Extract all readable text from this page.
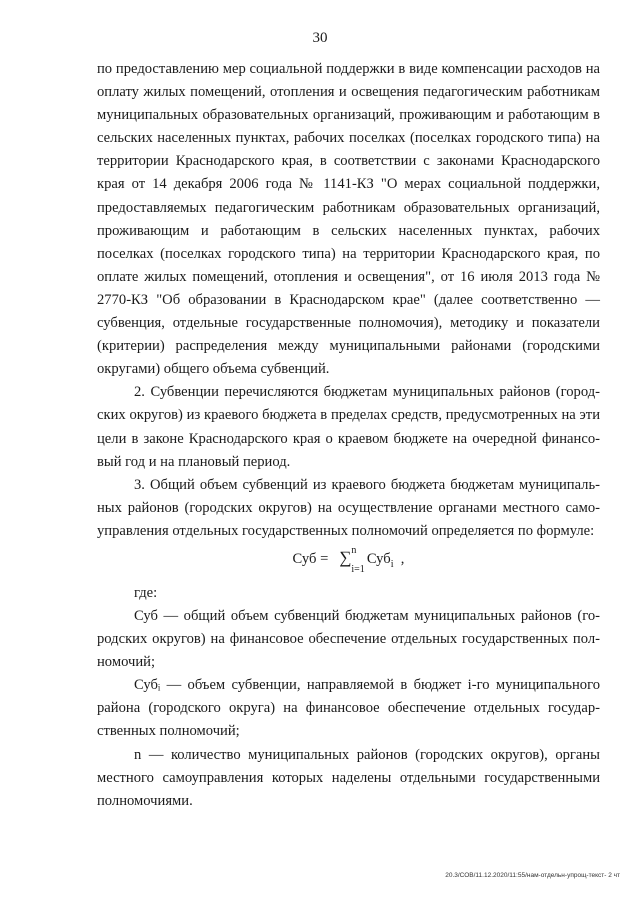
30

по предоставлению мер социальной поддержки в виде компенсации расходов на оплату жилых помещений, отопления и освещения педагогическим работникам муниципальных образовательных организаций, проживающим и работающим в сельских населенных пунктах, рабочих поселках (поселках городского типа) на территории Краснодарского края, в соответствии с законами Краснодарского края от 14 декабря 2006 года № 1141-КЗ "О мерах социальной поддержки, предоставляемых педагогическим работникам образовательных организаций, проживающим и работающим в сельских населенных пунктах, рабочих поселках (поселках городского типа) на территории Краснодарского края, по оплате жилых помещений, отопления и освещения", от 16 июля 2013 года № 2770-КЗ "Об образовании в Краснодарском крае" (далее соответственно — субвенция, отдельные государственные полномочия), методику и показатели (критерии) распределения между муниципальными районами (городскими округами) общего объема субвенций.

2. Субвенции перечисляются бюджетам муниципальных районов (городских округов) из краевого бюджета в пределах средств, предусмотренных на эти цели в законе Краснодарского края о краевом бюджете на очередной финансовый год и на плановый период.

3. Общий объем субвенций из краевого бюджета бюджетам муниципальных районов (городских округов) на осуществление органами местного самоуправления отдельных государственных полномочий определяется по формуле:

Суб = ∑$^n$
$_{i=1}$Суб$_i$ ,

где:

Суб — общий объем субвенций бюджетам муниципальных районов (городских округов) на финансовое обеспечение отдельных государственных полномочий;

Субᵢ — объем субвенции, направляемой в бюджет i-го муниципального района (городского округа) на финансовое обеспечение отдельных государственных полномочий;

n — количество муниципальных районов (городских округов), органы местного самоуправления которых наделены отдельными государственными полномочиями.

20.3/СОВ/11.12.2020/11:55/нам-отдельн-упрощ-текст- 2 чт
